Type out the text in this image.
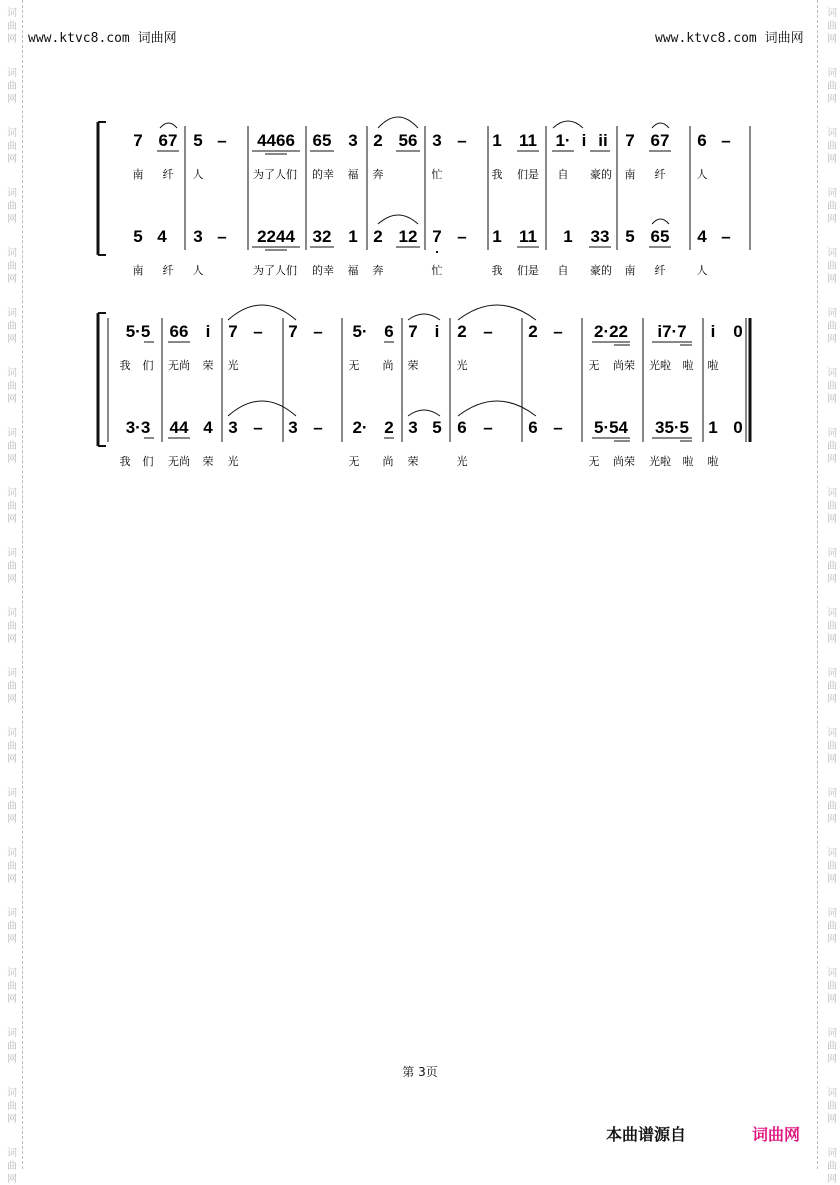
词
曲
网
词
曲
网
词
曲
网
词
曲
网
词
曲
网
词
曲
网
词
曲
网
词
曲
网
词
曲
网
词
曲
网
词
曲
网
词
曲
网
词
曲
网
词
曲
网
词
曲
网
词
曲
网
词
曲
网
词
曲
网
词
曲
网
词
曲
网
词
曲
网
词
曲
网
词
曲
网
词
曲
网
词
曲
网
词
曲
网
词
曲
网
词
曲
网
词
曲
网
词
曲
网
词
曲
网
词
曲
网
词
曲
网
词
曲
网
词
曲
网
词
曲
网
词
曲
网
词
曲
网
词
曲
网
词
曲
网
www.ktvc8.com 词曲网	www.ktvc8.com 词曲网
7 67 5 – 4466 65 3 2 56 3 – 1 11 1· i ii 7 67 6 –
5 4 3 – 2244 32 1 2 12 7 – 1 11 1 33 5 65 4 –
5·5 66 i 7 – 7 – 5· 6 7 i 2 – 2 – 2·22 i7·7 i 0
3·3 44 4 3 – 3 – 2· 2 3 5 6 – 6 – 5·54 35·5 1 0
南 纤 人	为了人们 的幸 福 奔	忙	我 们是 自 豪的 南 纤	人
南 纤 人	为了人们 的幸 福 奔	忙	我 们是 自 豪的 南 纤	人
我 们 无尚 荣 光	无 尚 荣	光	无 尚荣 光啦 啦 啦
我 们 无尚 荣 光	无 尚 荣	光	无 尚荣 光啦 啦 啦
第 3页
本曲谱源自	词曲网
